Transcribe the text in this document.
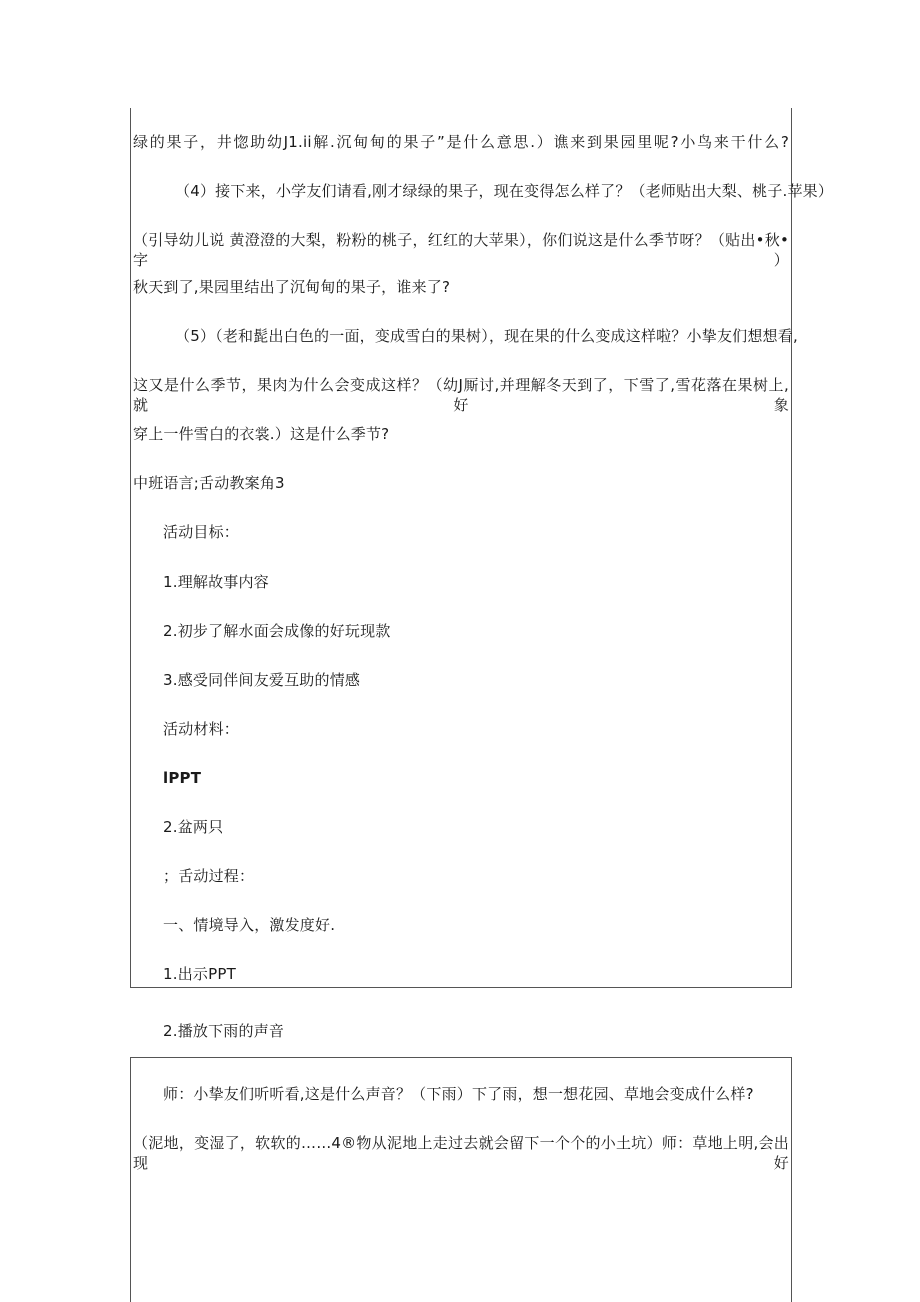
绿的果子，井惚助幼J1.ii解.沉甸甸的果子”是什么意思.）谯来到果园里呢?小鸟来干什么?
（4）接下来，小学友们请看,刚才绿绿的果子，现在变得怎么样了？（老师贴出大梨、桃子.苹果）
（引导幼儿说 黄澄澄的大梨，粉粉的桃子，红红的大苹果），你们说这是什么季节呀？（贴出•秋•字）
秋天到了,果园里结出了沉甸甸的果子，谁来了?
（5）（老和髭出白色的一面，变成雪白的果树），现在果的什么变成这样啦？小挚友们想想看,
这又是什么季节，果肉为什么会变成这样？（幼J厮讨,并理解冬天到了，下雪了,雪花落在果树上,就好象
穿上一件雪白的衣裳.）这是什么季节?
中班语言;舌动教案角3
活动目标：
1.理解故事内容
2.初步了解水面会成像的好玩现款
3.感受同伴间友爱互助的情感
活动材料：
lPPT
2.盆两只
；舌动过程：
一、情境导入，激发度好.
1.出示PPT
2.播放下雨的声音
师：小挚友们听听看,这是什么声音？（下雨）下了雨，想一想花园、草地会变成什么样?
（泥地，变湿了，软软的……4®物从泥地上走过去就会留下一个个的小土坑）师：草地上明,会出现好
